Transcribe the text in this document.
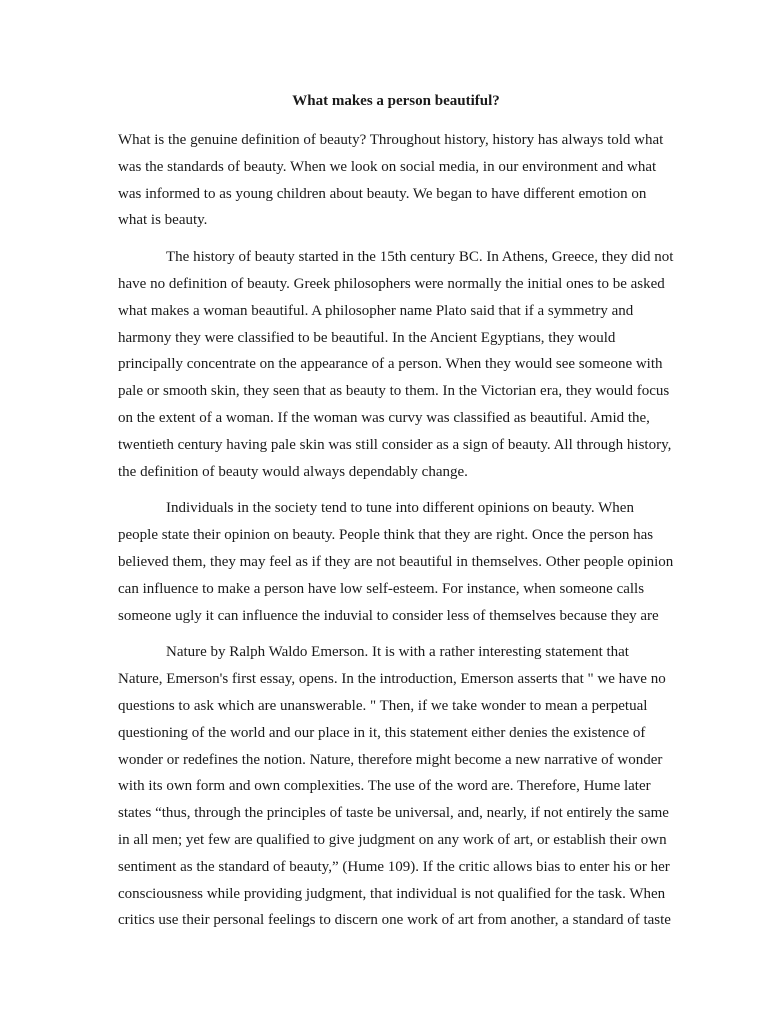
What makes a person beautiful?

What is the genuine definition of beauty? Throughout history, history has always told what was the standards of beauty. When we look on social media, in our environment and what was informed to as young children about beauty. We began to have different emotion on what is beauty.

The history of beauty started in the 15th century BC. In Athens, Greece, they did not have no definition of beauty. Greek philosophers were normally the initial ones to be asked what makes a woman beautiful. A philosopher name Plato said that if a symmetry and harmony they were classified to be beautiful. In the Ancient Egyptians, they would principally concentrate on the appearance of a person. When they would see someone with pale or smooth skin, they seen that as beauty to them. In the Victorian era, they would focus on the extent of a woman. If the woman was curvy was classified as beautiful. Amid the, twentieth century having pale skin was still consider as a sign of beauty. All through history, the definition of beauty would always dependably change.

Individuals in the society tend to tune into different opinions on beauty. When people state their opinion on beauty. People think that they are right. Once the person has believed them, they may feel as if they are not beautiful in themselves. Other people opinion can influence to make a person have low self-esteem. For instance, when someone calls someone ugly it can influence the induvial to consider less of themselves because they are

Nature by Ralph Waldo Emerson. It is with a rather interesting statement that Nature, Emerson's first essay, opens. In the introduction, Emerson asserts that " we have no questions to ask which are unanswerable. " Then, if we take wonder to mean a perpetual questioning of the world and our place in it, this statement either denies the existence of wonder or redefines the notion. Nature, therefore might become a new narrative of wonder with its own form and own complexities. The use of the word are. Therefore, Hume later states “thus, through the principles of taste be universal, and, nearly, if not entirely the same in all men; yet few are qualified to give judgment on any work of art, or establish their own sentiment as the standard of beauty,” (Hume 109). If the critic allows bias to enter his or her consciousness while providing judgment, that individual is not qualified for the task. When critics use their personal feelings to discern one work of art from another, a standard of taste
